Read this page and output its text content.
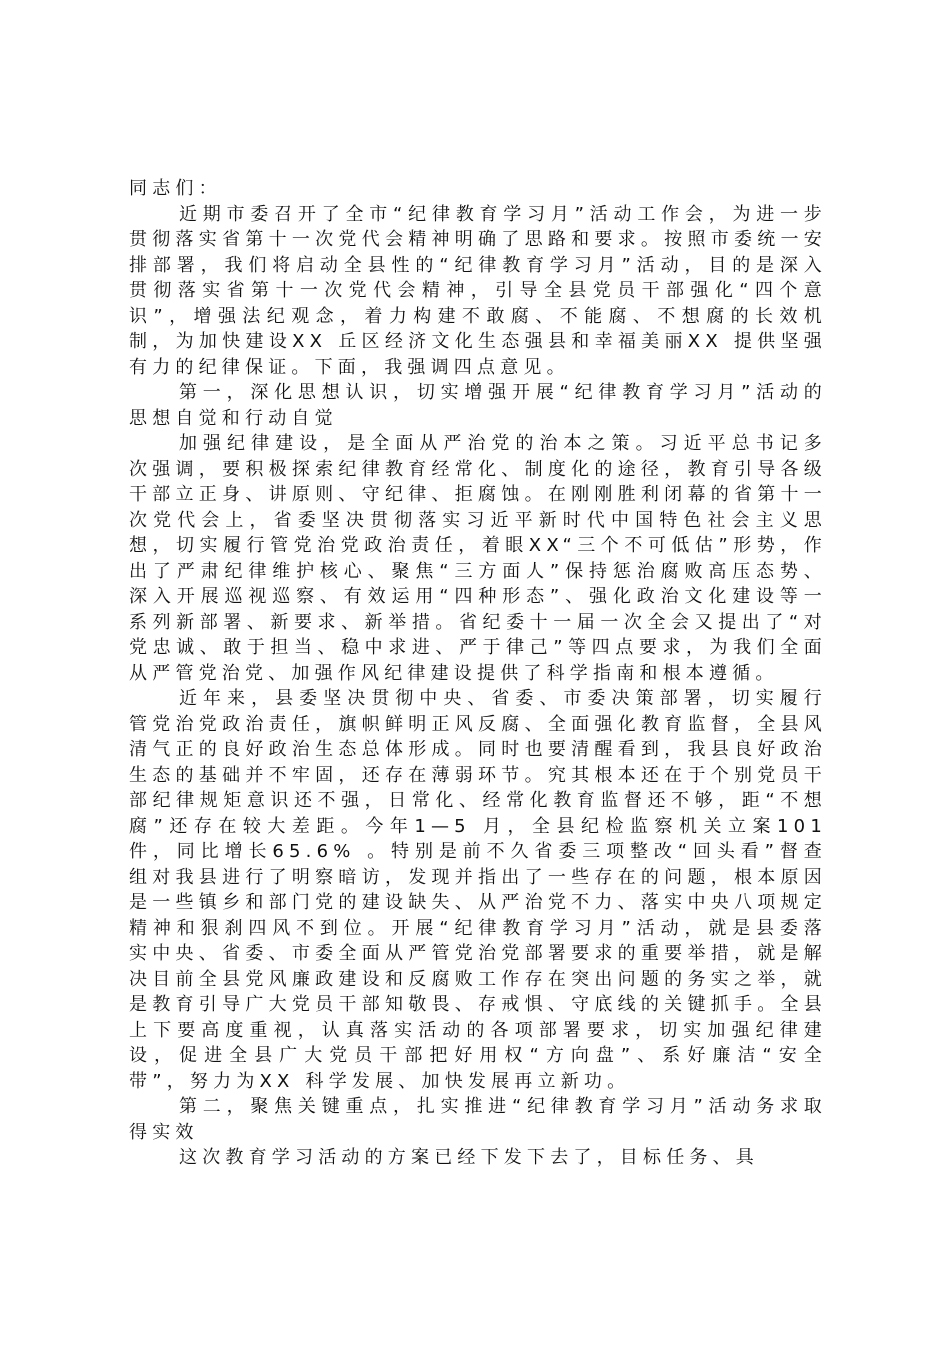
同志们：

近期市委召开了全市“纪律教育学习月”活动工作会，为进一步贯彻落实省第十一次党代会精神明确了思路和要求。按照市委统一安排部署，我们将启动全县性的“纪律教育学习月”活动，目的是深入贯彻落实省第十一次党代会精神，引导全县党员干部强化“四个意识”，增强法纪观念，着力构建不敢腐、不能腐、不想腐的长效机制，为加快建设XX 丘区经济文化生态强县和幸福美丽XX 提供坚强有力的纪律保证。下面，我强调四点意见。

第一，深化思想认识，切实增强开展“纪律教育学习月”活动的思想自觉和行动自觉

加强纪律建设，是全面从严治党的治本之策。习近平总书记多次强调，要积极探索纪律教育经常化、制度化的途径，教育引导各级干部立正身、讲原则、守纪律、拒腐蚀。在刚刚胜利闭幕的省第十一次党代会上，省委坚决贯彻落实习近平新时代中国特色社会主义思想，切实履行管党治党政治责任，着眼XX“三个不可低估”形势，作出了严肃纪律维护核心、聚焦“三方面人”保持惩治腐败高压态势、深入开展巡视巡察、有效运用“四种形态”、强化政治文化建设等一系列新部署、新要求、新举措。省纪委十一届一次全会又提出了“对党忠诚、敢于担当、稳中求进、严于律己”等四点要求，为我们全面从严管党治党、加强作风纪律建设提供了科学指南和根本遵循。

近年来，县委坚决贯彻中央、省委、市委决策部署，切实履行管党治党政治责任，旗帜鲜明正风反腐、全面强化教育监督，全县风清气正的良好政治生态总体形成。同时也要清醒看到，我县良好政治生态的基础并不牢固，还存在薄弱环节。究其根本还在于个别党员干部纪律规矩意识还不强，日常化、经常化教育监督还不够，距“不想腐”还存在较大差距。今年1—5 月，全县纪检监察机关立案101 件，同比增长65.6% 。特别是前不久省委三项整改“回头看”督查组对我县进行了明察暗访，发现并指出了一些存在的问题，根本原因是一些镇乡和部门党的建设缺失、从严治党不力、落实中央八项规定精神和狠刹四风不到位。开展“纪律教育学习月”活动，就是县委落实中央、省委、市委全面从严管党治党部署要求的重要举措，就是解决目前全县党风廉政建设和反腐败工作存在突出问题的务实之举，就是教育引导广大党员干部知敬畏、存戒惧、守底线的关键抓手。全县上下要高度重视，认真落实活动的各项部署要求，切实加强纪律建设，促进全县广大党员干部把好用权“方向盘”、系好廉洁“安全带”，努力为XX 科学发展、加快发展再立新功。

第二，聚焦关键重点，扎实推进“纪律教育学习月”活动务求取得实效

这次教育学习活动的方案已经下发下去了，目标任务、具
